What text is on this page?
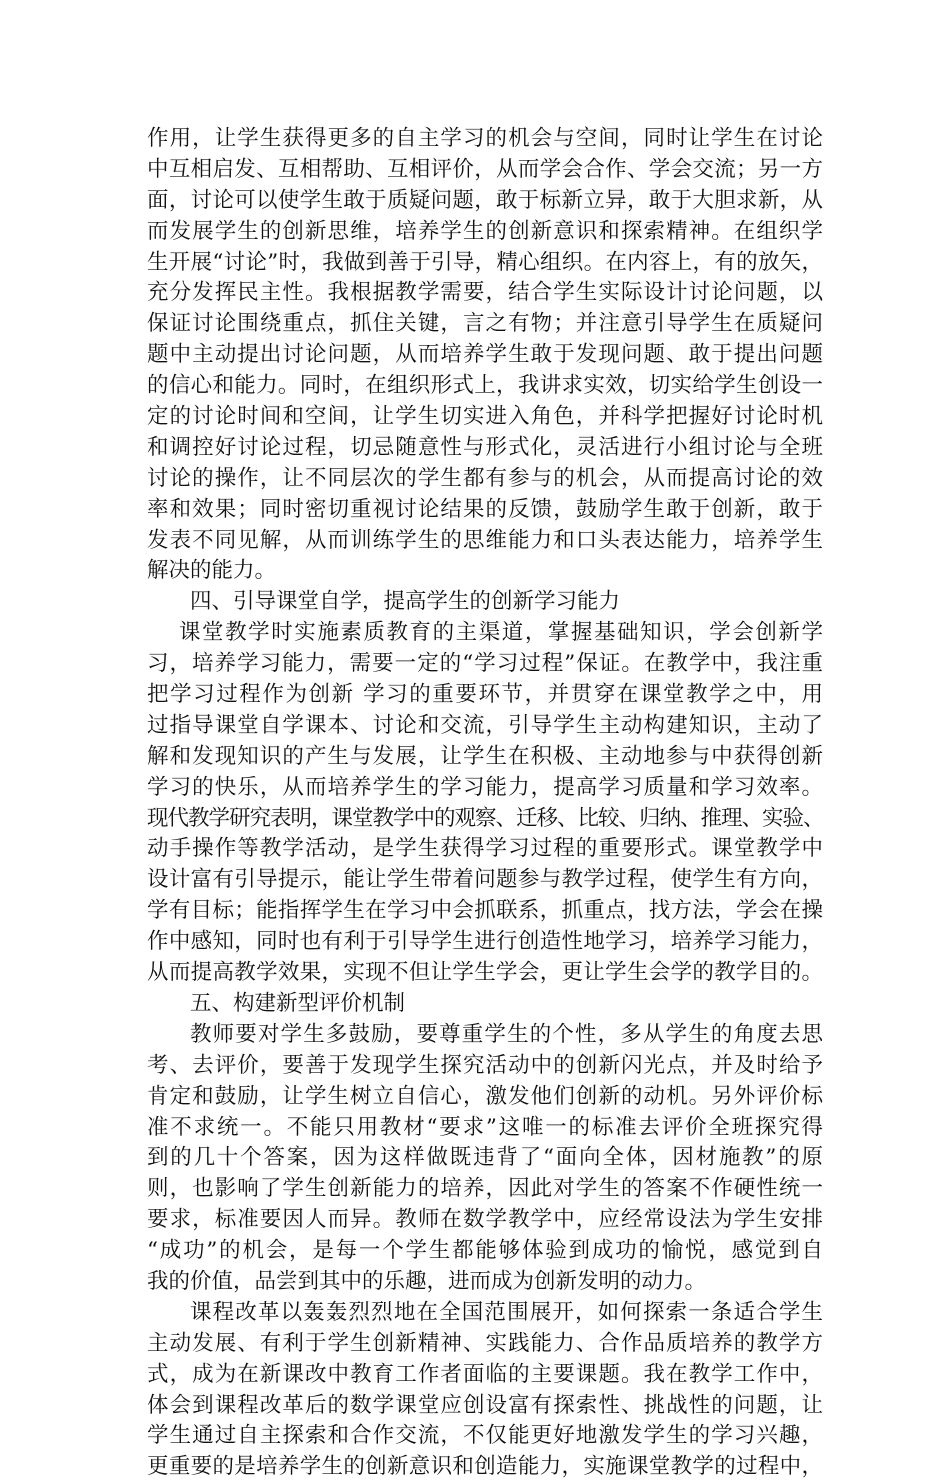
作用，让学生获得更多的自主学习的机会与空间，同时让学生在讨论
中互相启发、互相帮助、互相评价，从而学会合作、学会交流；另一方
面，讨论可以使学生敢于质疑问题，敢于标新立异，敢于大胆求新，从
而发展学生的创新思维，培养学生的创新意识和探索精神。在组织学
生开展“讨论”时，我做到善于引导，精心组织。在内容上，有的放矢，
充分发挥民主性。我根据教学需要，结合学生实际设计讨论问题，以
保证讨论围绕重点，抓住关键，言之有物；并注意引导学生在质疑问
题中主动提出讨论问题，从而培养学生敢于发现问题、敢于提出问题
的信心和能力。同时，在组织形式上，我讲求实效，切实给学生创设一
定的讨论时间和空间，让学生切实进入角色，并科学把握好讨论时机
和调控好讨论过程，切忌随意性与形式化，灵活进行小组讨论与全班
讨论的操作，让不同层次的学生都有参与的机会，从而提高讨论的效
率和效果；同时密切重视讨论结果的反馈，鼓励学生敢于创新，敢于
发表不同见解，从而训练学生的思维能力和口头表达能力，培养学生
解决的能力。
四、引导课堂自学，提高学生的创新学习能力
课堂教学时实施素质教育的主渠道，掌握基础知识，学会创新学
习，培养学习能力，需要一定的“学习过程”保证。在教学中，我注重
把学习过程作为创新 学习的重要环节，并贯穿在课堂教学之中，用
过指导课堂自学课本、讨论和交流，引导学生主动构建知识，主动了
解和发现知识的产生与发展，让学生在积极、主动地参与中获得创新
学习的快乐，从而培养学生的学习能力，提高学习质量和学习效率。
现代教学研究表明，课堂教学中的观察、迁移、比较、归纳、推理、实验、
动手操作等教学活动，是学生获得学习过程的重要形式。课堂教学中
设计富有引导提示，能让学生带着问题参与教学过程，使学生有方向，
学有目标；能指挥学生在学习中会抓联系，抓重点，找方法，学会在操
作中感知，同时也有利于引导学生进行创造性地学习，培养学习能力，
从而提高教学效果，实现不但让学生学会，更让学生会学的教学目的。
五、构建新型评价机制
教师要对学生多鼓励，要尊重学生的个性，多从学生的角度去思
考、去评价，要善于发现学生探究活动中的创新闪光点，并及时给予
肯定和鼓励，让学生树立自信心，激发他们创新的动机。另外评价标
准不求统一。不能只用教材“要求”这唯一的标准去评价全班探究得
到的几十个答案，因为这样做既违背了“面向全体，因材施教”的原
则，也影响了学生创新能力的培养，因此对学生的答案不作硬性统一
要求，标准要因人而异。教师在数学教学中，应经常设法为学生安排
“成功”的机会，是每一个学生都能够体验到成功的愉悦，感觉到自
我的价值，品尝到其中的乐趣，进而成为创新发明的动力。
课程改革以轰轰烈烈地在全国范围展开，如何探索一条适合学生
主动发展、有利于学生创新精神、实践能力、合作品质培养的教学方
式，成为在新课改中教育工作者面临的主要课题。我在教学工作中，
体会到课程改革后的数学课堂应创设富有探索性、挑战性的问题，让
学生通过自主探索和合作交流，不仅能更好地激发学生的学习兴趣，
更重要的是培养学生的创新意识和创造能力，实施课堂教学的过程中，
